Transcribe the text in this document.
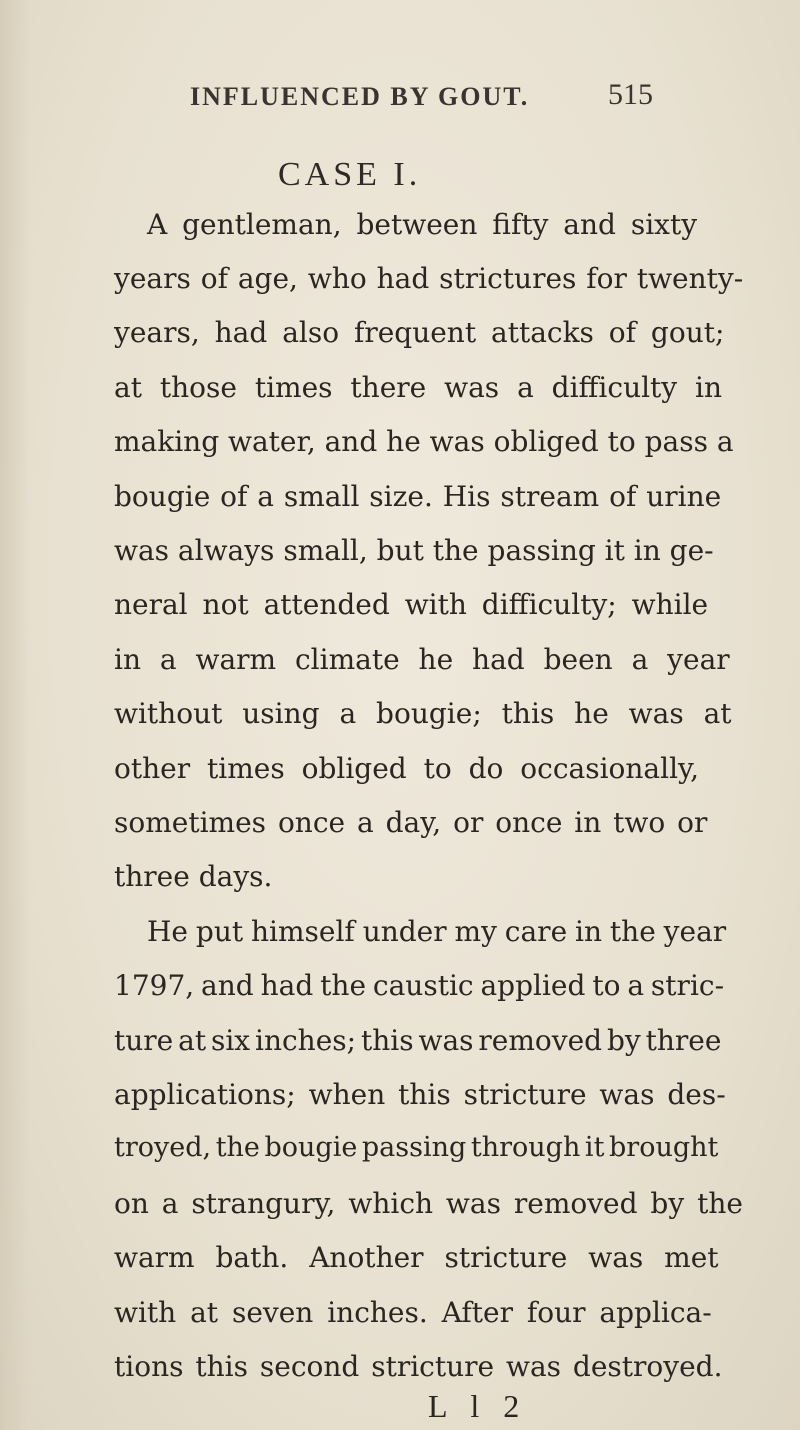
INFLUENCED BY GOUT.	515
CASE I.
A gentleman, between fifty and sixty
years of age, who had strictures for twenty-
years, had also frequent attacks of gout;
at those times there was a difficulty in
making water, and he was obliged to pass a
bougie of a small size. His stream of urine
was always small, but the passing it in ge-
neral not attended with difficulty; while
in a warm climate he had been a year
without using a bougie; this he was at
other times obliged to do occasionally,
sometimes once a day, or once in two or
three days.
He put himself under my care in the year
1797, and had the caustic applied to a stric-
ture at six inches; this was removed by three
applications; when this stricture was des-
troyed, the bougie passing through it brought
on a strangury, which was removed by the
warm bath. Another stricture was met
with at seven inches. After four applica-
tions this second stricture was destroyed.
L l 2
